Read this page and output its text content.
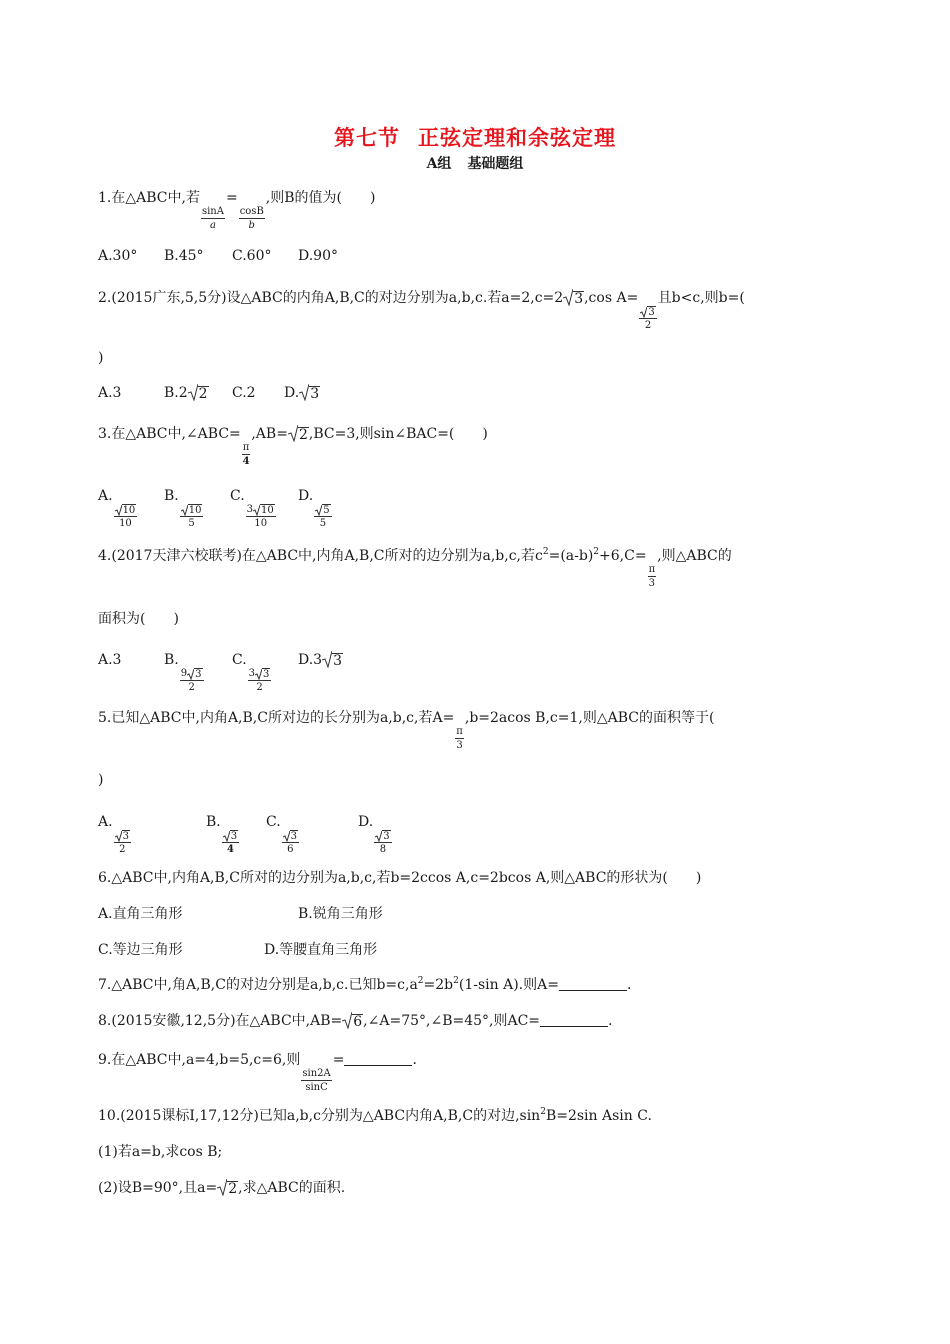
第七节 正弦定理和余弦定理
A组 基础题组
1.在△ABC中,若
$\frac{\sin A}{a}$
=
$\frac{\cos B}{b}$
,则B的值为(　　)
A.30° B.45° C.60° D.90°
2.(2015广东,5,5分)设△ABC的内角A,B,C的对边分别为a,b,c.若a=2,c=2 3 ,cos A=
$\frac{3}{2}$
且b<c,则b=(
)
A.3	B.2 2 C.2 D. 3
3.在△ABC中,∠ABC=
$\frac{\pi}{4}$
,AB= 2 ,BC=3,则sin∠BAC=(　　)
A.
$\frac{10}{10}$
B.
$\frac{10}{5}$
C.
$\frac{3 10}{10}$
D.
$\frac{5}{5}$
4.(2017天津六校联考)在△ABC中,内角A,B,C所对的边分别为a,b,c,若$c^2=(a-b)^2+6,C=$
$\frac{\pi}{3}$
,则△ABC的
面积为(　　)
A.3	B.
$\frac{9 3}{2}$
C.
$\frac{3 3}{2}$
D.3 3
5.已知△ABC中,内角A,B,C所对边的长分别为a,b,c,若A=
$\frac{\pi}{3}$
,b=2acos B,c=1,则△ABC的面积等于(
)
A.
$\frac{3}{2}$
B.
$\frac{3}{4}$
C.
$\frac{3}{6}$
D.
$\frac{3}{8}$
6.△ABC中,内角A,B,C所对的边分别为a,b,c,若b=2ccos A,c=2bcos A,则△ABC的形状为(　　)
A.直角三角形	B.锐角三角形
C.等边三角形	D.等腰直角三角形
7.△ABC中,角A,B,C的对边分别是a,b,c.已知$b=c,a^2=2b^2(1-\sin$ A).则A=	.
8.(2015安徽,12,5分)在△ABC中,AB= 6 ,∠A=75°,∠B=45°,则AC=	.
9.在△ABC中,a=4,b=5,c=6,则
$\frac{\sin 2A}{\sin C}$
=	.
10.(2015课标Ⅰ,17,12分)已知a,b,c分别为△ABC内角A,B,C的对边$,\sin^2B=2\sin$ Asin C.
(1)若a=b,求cos B;
(2)设B=90°,且a= 2 ,求△ABC的面积.
